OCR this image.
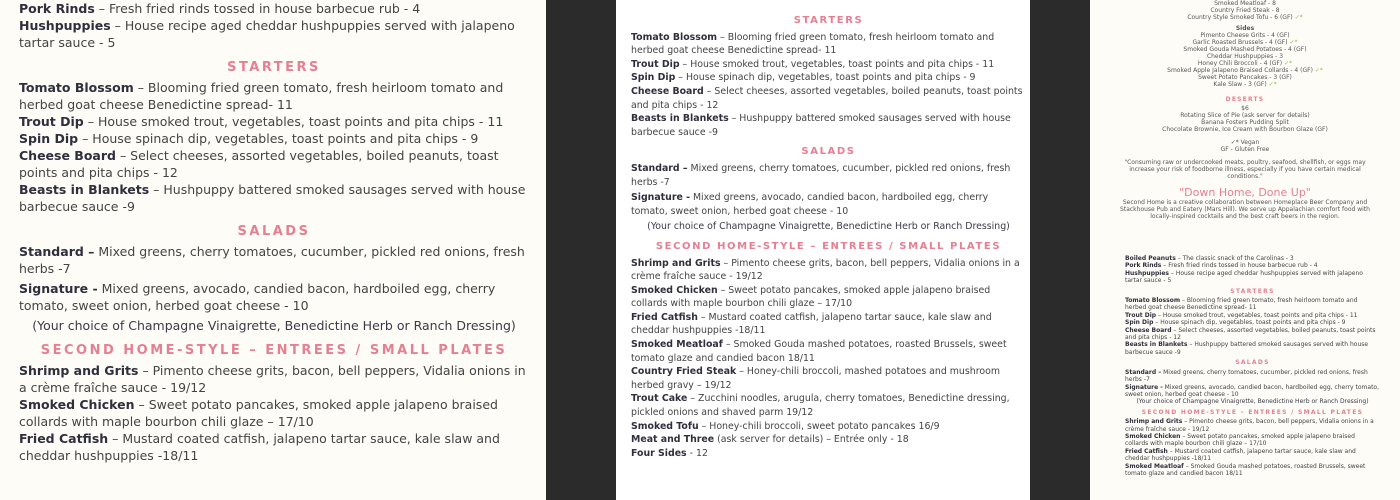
Pork Rinds – Fresh fried rinds tossed in house barbecue rub - 4
Hushpuppies – House recipe aged cheddar hushpuppies served with jalapeno tartar sauce - 5
STARTERS
Tomato Blossom – Blooming fried green tomato, fresh heirloom tomato and herbed goat cheese Benedictine spread- 11
Trout Dip – House smoked trout, vegetables, toast points and pita chips - 11
Spin Dip – House spinach dip, vegetables, toast points and pita chips - 9
Cheese Board – Select cheeses, assorted vegetables, boiled peanuts, toast points and pita chips - 12
Beasts in Blankets – Hushpuppy battered smoked sausages served with house barbecue sauce -9
SALADS
Standard – Mixed greens, cherry tomatoes, cucumber, pickled red onions, fresh herbs -7
Signature - Mixed greens, avocado, candied bacon, hardboiled egg, cherry tomato, sweet onion, herbed goat cheese - 10
(Your choice of Champagne Vinaigrette, Benedictine Herb or Ranch Dressing)
SECOND HOME-STYLE – ENTREES / SMALL PLATES
Shrimp and Grits – Pimento cheese grits, bacon, bell peppers, Vidalia onions in a crème fraîche sauce - 19/12
Smoked Chicken – Sweet potato pancakes, smoked apple jalapeno braised collards with maple bourbon chili glaze – 17/10
Fried Catfish – Mustard coated catfish, jalapeno tartar sauce, kale slaw and cheddar hushpuppies -18/11
STARTERS
Tomato Blossom – Blooming fried green tomato, fresh heirloom tomato and herbed goat cheese Benedictine spread- 11
Trout Dip – House smoked trout, vegetables, toast points and pita chips - 11
Spin Dip – House spinach dip, vegetables, toast points and pita chips - 9
Cheese Board – Select cheeses, assorted vegetables, boiled peanuts, toast points and pita chips - 12
Beasts in Blankets – Hushpuppy battered smoked sausages served with house barbecue sauce -9
SALADS
Standard – Mixed greens, cherry tomatoes, cucumber, pickled red onions, fresh herbs -7
Signature - Mixed greens, avocado, candied bacon, hardboiled egg, cherry tomato, sweet onion, herbed goat cheese - 10
(Your choice of Champagne Vinaigrette, Benedictine Herb or Ranch Dressing)
SECOND HOME-STYLE – ENTREES / SMALL PLATES
Shrimp and Grits – Pimento cheese grits, bacon, bell peppers, Vidalia onions in a crème fraîche sauce - 19/12
Smoked Chicken – Sweet potato pancakes, smoked apple jalapeno braised collards with maple bourbon chili glaze – 17/10
Fried Catfish – Mustard coated catfish, jalapeno tartar sauce, kale slaw and cheddar hushpuppies -18/11
Smoked Meatloaf – Smoked Gouda mashed potatoes, roasted Brussels, sweet tomato glaze and candied bacon 18/11
Country Fried Steak – Honey-chili broccoli, mashed potatoes and mushroom herbed gravy – 19/12
Trout Cake – Zucchini noodles, arugula, cherry tomatoes, Benedictine dressing, pickled onions and shaved parm 19/12
Smoked Tofu – Honey-chili broccoli, sweet potato pancakes 16/9
Meat and Three (ask server for details) – Entrée only - 18
Four Sides - 12
Smoked Meatloaf - 8
Country Fried Steak - 8
Country Style Smoked Tofu - 6 (GF) ✓*
Sides
Pimento Cheese Grits - 4 (GF)
Garlic Roasted Brussels - 4 (GF) ✓*
Smoked Gouda Mashed Potatoes - 4 (GF)
Cheddar Hushpuppies - 3
Honey Chili Broccoli - 4 (GF) ✓*
Smoked Apple Jalapeno Braised Collards - 4 (GF) ✓*
Sweet Potato Pancakes - 3 (GF)
Kale Slaw - 3 (GF) ✓*
DESERTS
$6
Rotating Slice of Pie (ask server for details)
Banana Fosters Pudding Split
Chocolate Brownie, Ice Cream with Bourbon Glaze (GF)
✓* Vegan
GF - Gluten Free
"Consuming raw or undercooked meats, poultry, seafood, shellfish, or eggs may increase your risk of foodborne illness, especially if you have certain medical conditions."
"Down Home, Done Up"
Second Home is a creative collaboration between Homeplace Beer Company and Stackhouse Pub and Eatery (Mars Hill). We serve up Appalachian comfort food with locally-inspired cocktails and the best craft beers in the region.
Boiled Peanuts – The classic snack of the Carolinas - 3
Pork Rinds – Fresh fried rinds tossed in house barbecue rub - 4
Hushpuppies – House recipe aged cheddar hushpuppies served with jalapeno tartar sauce - 5
STARTERS
Tomato Blossom – Blooming fried green tomato, fresh heirloom tomato and herbed goat cheese Benedictine spread- 11
Trout Dip – House smoked trout, vegetables, toast points and pita chips - 11
Spin Dip – House spinach dip, vegetables, toast points and pita chips - 9
Cheese Board – Select cheeses, assorted vegetables, boiled peanuts, toast points and pita chips - 12
Beasts in Blankets – Hushpuppy battered smoked sausages served with house barbecue sauce -9
SALADS
Standard – Mixed greens, cherry tomatoes, cucumber, pickled red onions, fresh herbs -7
Signature - Mixed greens, avocado, candied bacon, hardboiled egg, cherry tomato, sweet onion, herbed goat cheese - 10
(Your choice of Champagne Vinaigrette, Benedictine Herb or Ranch Dressing)
SECOND HOME-STYLE – ENTREES / SMALL PLATES
Shrimp and Grits – Pimento cheese grits, bacon, bell peppers, Vidalia onions in a crème fraîche sauce - 19/12
Smoked Chicken – Sweet potato pancakes, smoked apple jalapeno braised collards with maple bourbon chili glaze – 17/10
Fried Catfish – Mustard coated catfish, jalapeno tartar sauce, kale slaw and cheddar hushpuppies -18/11
Smoked Meatloaf – Smoked Gouda mashed potatoes, roasted Brussels, sweet tomato glaze and candied bacon 18/11
